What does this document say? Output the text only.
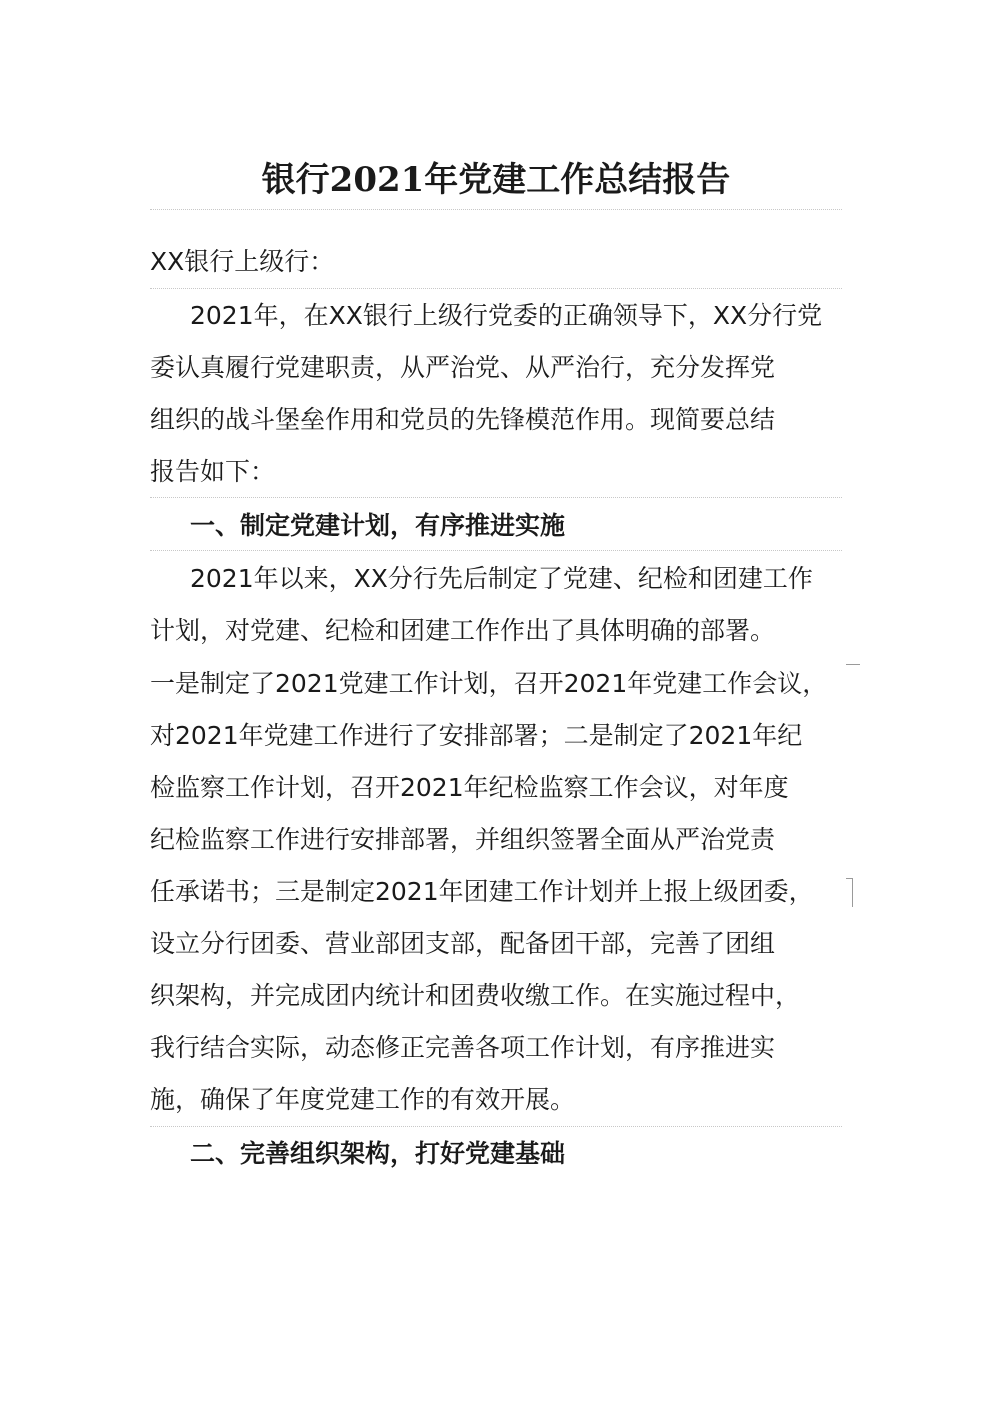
银行2021年党建工作总结报告
XX银行上级行：
2021年，在XX银行上级行党委的正确领导下，XX分行党
委认真履行党建职责，从严治党、从严治行，充分发挥党
组织的战斗堡垒作用和党员的先锋模范作用。现简要总结
报告如下：
一、制定党建计划，有序推进实施
2021年以来，XX分行先后制定了党建、纪检和团建工作
计划，对党建、纪检和团建工作作出了具体明确的部署。
一是制定了2021党建工作计划，召开2021年党建工作会议，
对2021年党建工作进行了安排部署；二是制定了2021年纪
检监察工作计划，召开2021年纪检监察工作会议，对年度
纪检监察工作进行安排部署，并组织签署全面从严治党责
任承诺书；三是制定2021年团建工作计划并上报上级团委，
设立分行团委、营业部团支部，配备团干部，完善了团组
织架构，并完成团内统计和团费收缴工作。在实施过程中，
我行结合实际，动态修正完善各项工作计划，有序推进实
施，确保了年度党建工作的有效开展。
二、完善组织架构，打好党建基础
